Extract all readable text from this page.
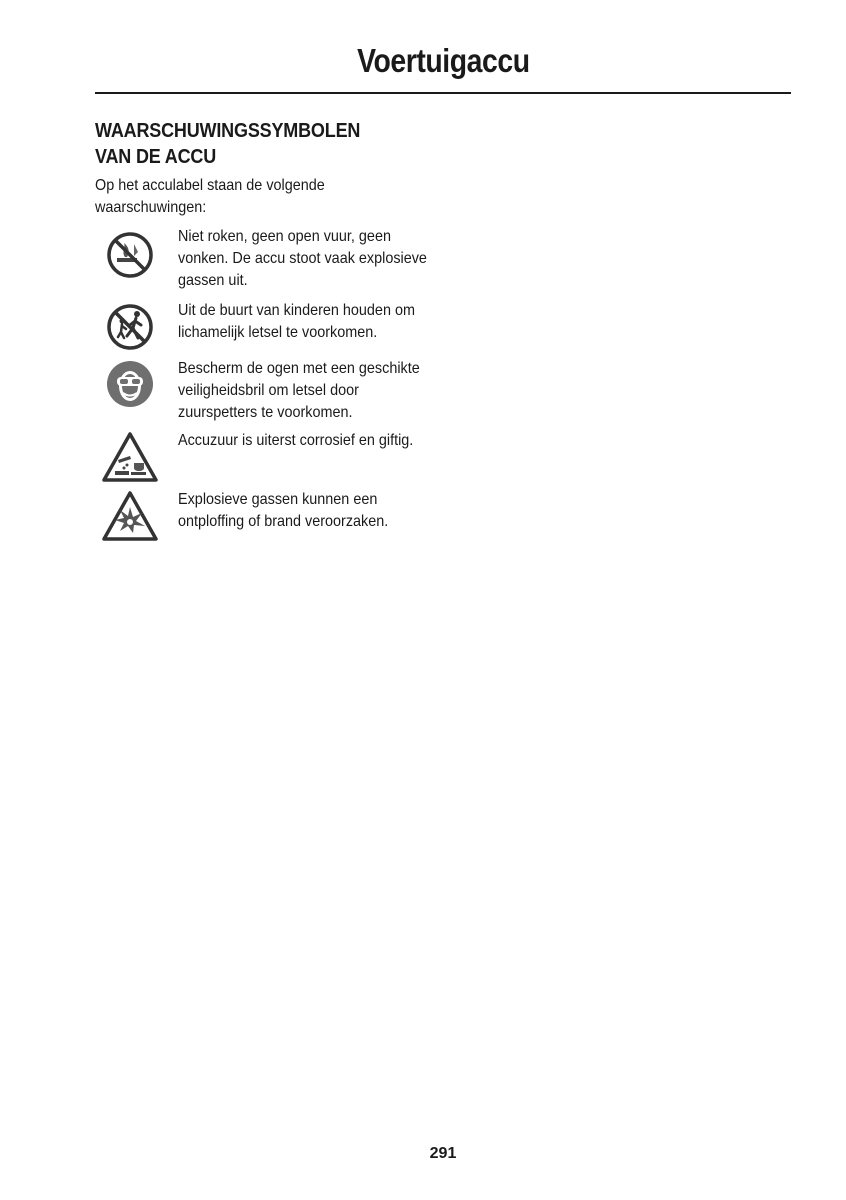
Voertuigaccu
WAARSCHUWINGSSYMBOLEN VAN DE ACCU
Op het acculabel staan de volgende waarschuwingen:
Niet roken, geen open vuur, geen vonken. De accu stoot vaak explosieve gassen uit.
Uit de buurt van kinderen houden om lichamelijk letsel te voorkomen.
Bescherm de ogen met een geschikte veiligheidsbril om letsel door zuurspetters te voorkomen.
Accuzuur is uiterst corrosief en giftig.
Explosieve gassen kunnen een ontploffing of brand veroorzaken.
291
